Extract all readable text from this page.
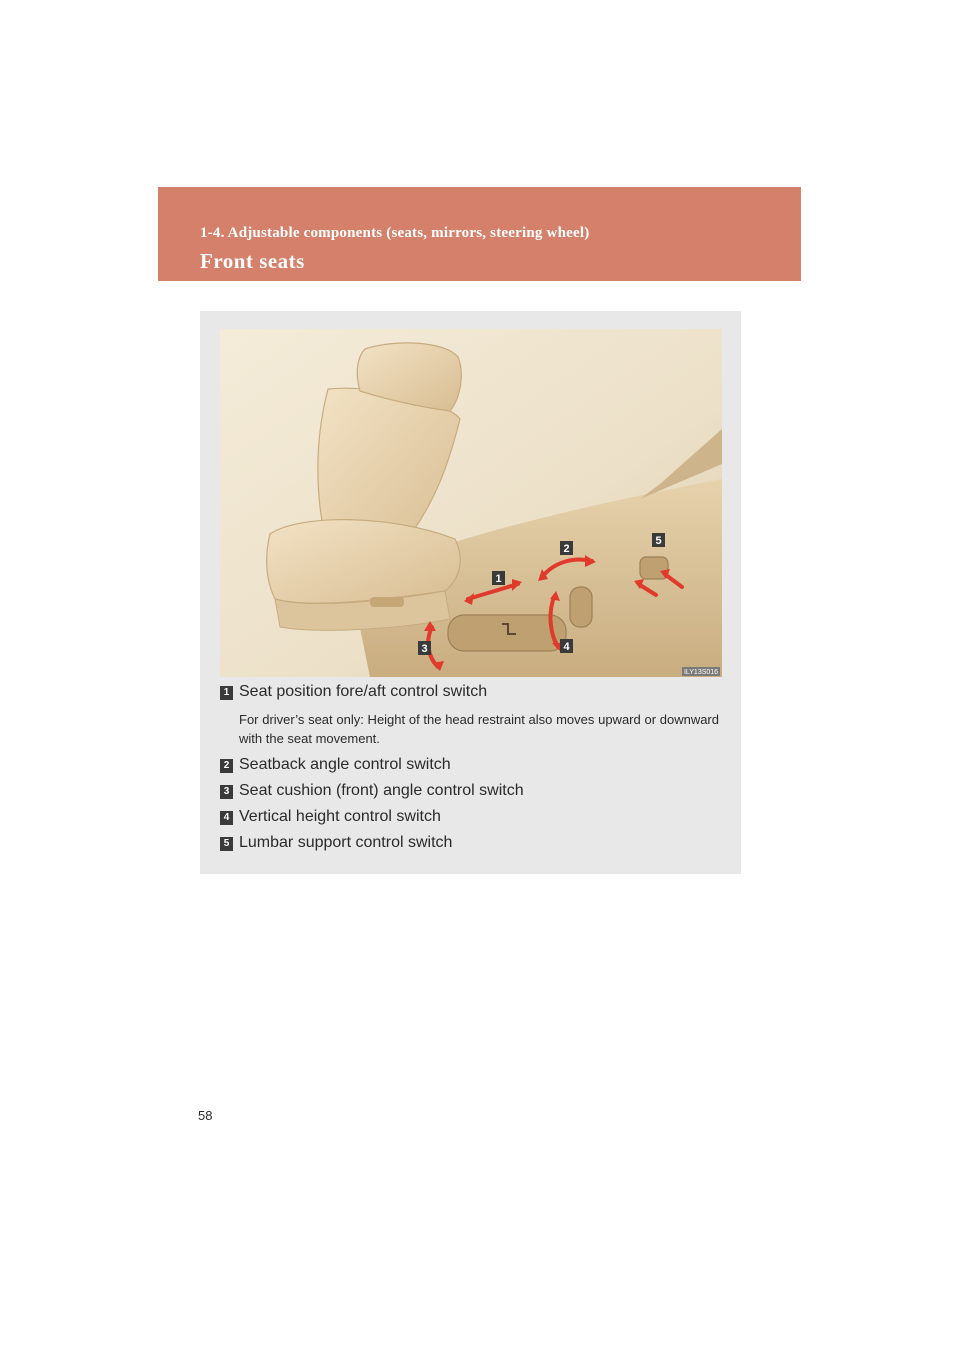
1-4. Adjustable components (seats, mirrors, steering wheel)
Front seats
1
2
3	4
5
ILY13S016
1 Seat position fore/aft control switch
For driver’s seat only: Height of the head restraint also moves upward or downward with the seat movement.
2 Seatback angle control switch
3 Seat cushion (front) angle control switch
4 Vertical height control switch
5 Lumbar support control switch
58
